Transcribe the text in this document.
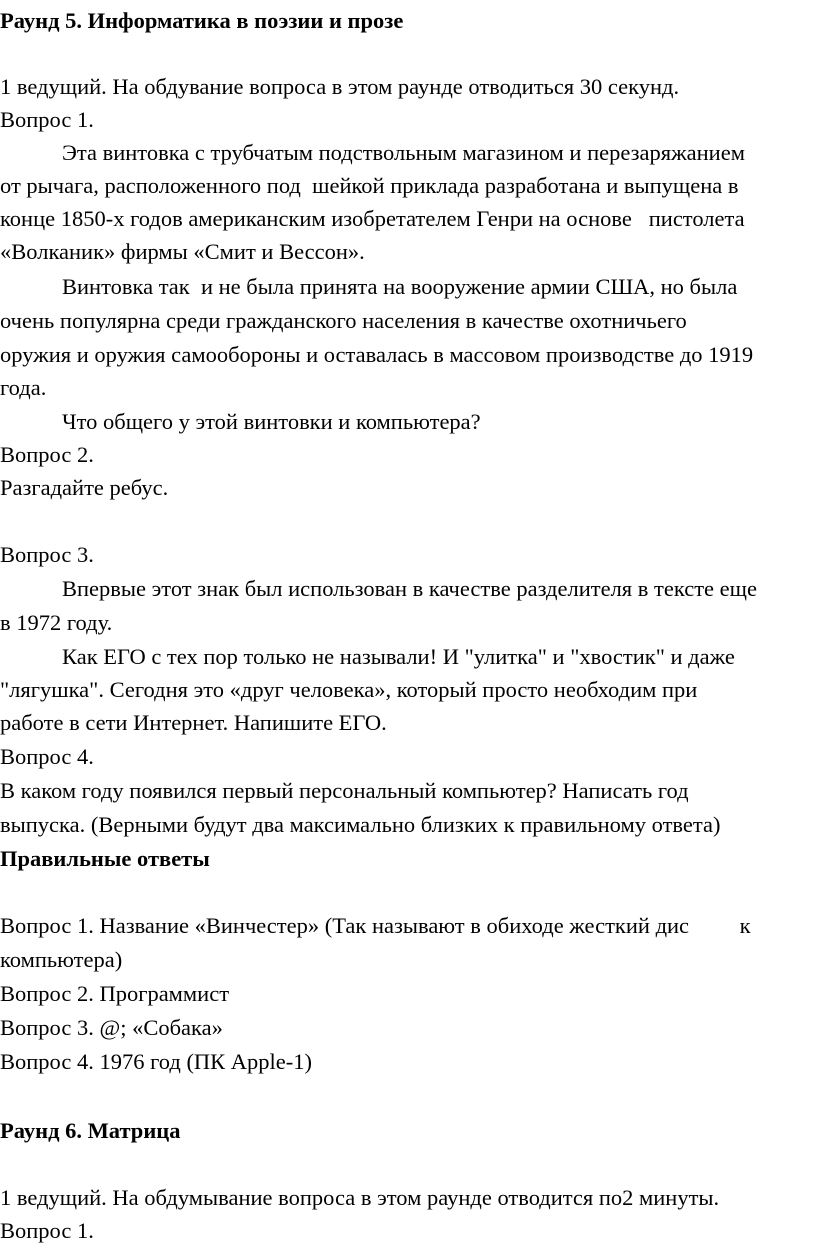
Раунд 5. Информатика в поэзии и прозе
1 ведущий. На обдувание вопроса в этом раунде отводиться 30 секунд.
Вопрос 1.
Эта винтовка с трубчатым подствольным магазином и перезаряжанием
от рычага, расположенного под  шейкой приклада разработана и выпущена в
конце 1850-х годов американским изобретателем Генри на основе   пистолета
«Волканик» фирмы «Смит и Вессон».
Винтовка так  и не была принята на вооружение армии США, но была
очень популярна среди гражданского населения в качестве охотничьего
оружия и оружия самообороны и оставалась в массовом производстве до 1919
года.
Что общего у этой винтовки и компьютера?
Вопрос 2.
Разгадайте ребус.
Вопрос 3.
Впервые этот знак был использован в качестве разделителя в тексте еще
в 1972 году.
Как ЕГО с тех пор только не называли! И "улитка" и "хвостик" и даже
"лягушка". Сегодня это «друг человека», который просто необходим при
работе в сети Интернет. Напишите ЕГО.
Вопрос 4.
В каком году появился первый персональный компьютер? Написать год
выпуска. (Верными будут два максимально близких к правильному ответа)
Правильные ответы
Вопрос 1. Название «Винчестер» (Так называют в обиходе жесткий дис         к
компьютера)
Вопрос 2. Программист
Вопрос 3. @; «Собака»
Вопрос 4. 1976 год (ПК Apple-1)
Раунд 6. Матрица
1 ведущий. На обдумывание вопроса в этом раунде отводится по2 минуты.
Вопрос 1.
